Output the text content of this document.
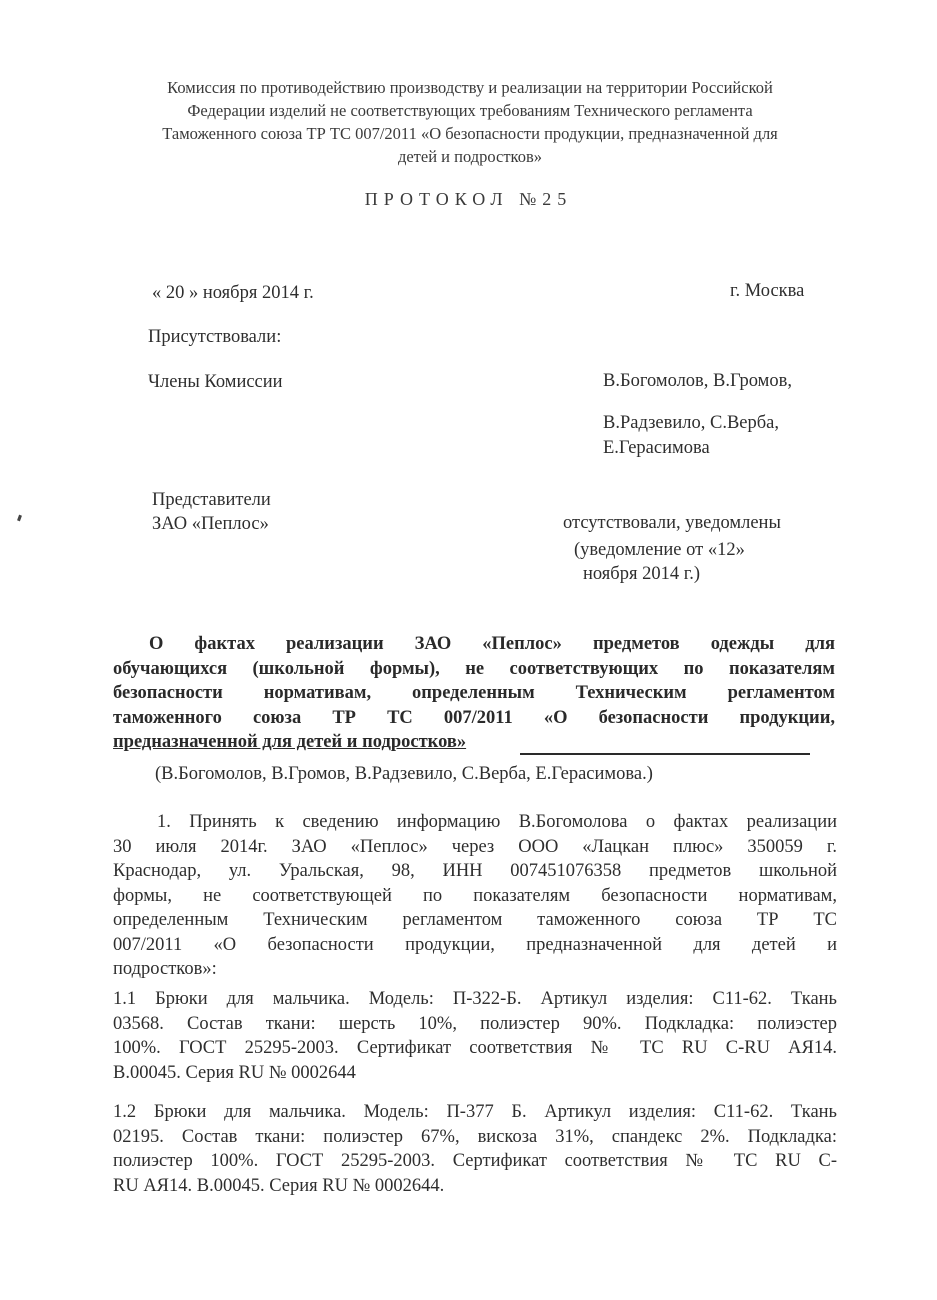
Комиссия по противодействию производству и реализации на территории Российской
Федерации изделий не соответствующих требованиям Технического регламента
Таможенного союза ТР ТС 007/2011 «О безопасности продукции, предназначенной для
детей и подростков»
ПРОТОКОЛ №25
« 20 » ноября 2014 г.	г. Москва
Присутствовали:
Члены Комиссии	В.Богомолов, В.Громов,
В.Радзевило, С.Верба,
Е.Герасимова
Представители
ЗАО «Пеплос»	отсутствовали, уведомлены
(уведомление от «12»
ноября 2014 г.)
О фактах реализации ЗАО «Пеплос» предметов одежды для
обучающихся (школьной формы), не соответствующих по показателям
безопасности нормативам, определенным Техническим регламентом
таможенного союза ТР ТС 007/2011 «О безопасности продукции,
предназначенной для детей и подростков»
(В.Богомолов, В.Громов, В.Радзевило, С.Верба, Е.Герасимова.)
1. Принять к сведению информацию В.Богомолова о фактах реализации
30 июля 2014г. ЗАО «Пеплос» через ООО «Лацкан плюс» 350059 г.
Краснодар, ул. Уральская, 98, ИНН 007451076358 предметов школьной
формы, не соответствующей по показателям безопасности нормативам,
определенным Техническим регламентом таможенного союза ТР ТС
007/2011 «О безопасности продукции, предназначенной для детей и
подростков»:
1.1 Брюки для мальчика. Модель: П-322-Б. Артикул изделия: С11-62. Ткань
03568. Состав ткани: шерсть 10%, полиэстер 90%. Подкладка: полиэстер
100%. ГОСТ 25295-2003. Сертификат соответствия № ТС RU C-RU АЯ14.
B.00045. Серия RU № 0002644
1.2 Брюки для мальчика. Модель: П-377 Б. Артикул изделия: С11-62. Ткань
02195. Состав ткани: полиэстер 67%, вискоза 31%, спандекс 2%. Подкладка:
полиэстер 100%. ГОСТ 25295-2003. Сертификат соответствия № ТС RU C-
RU АЯ14. B.00045. Серия RU № 0002644.
